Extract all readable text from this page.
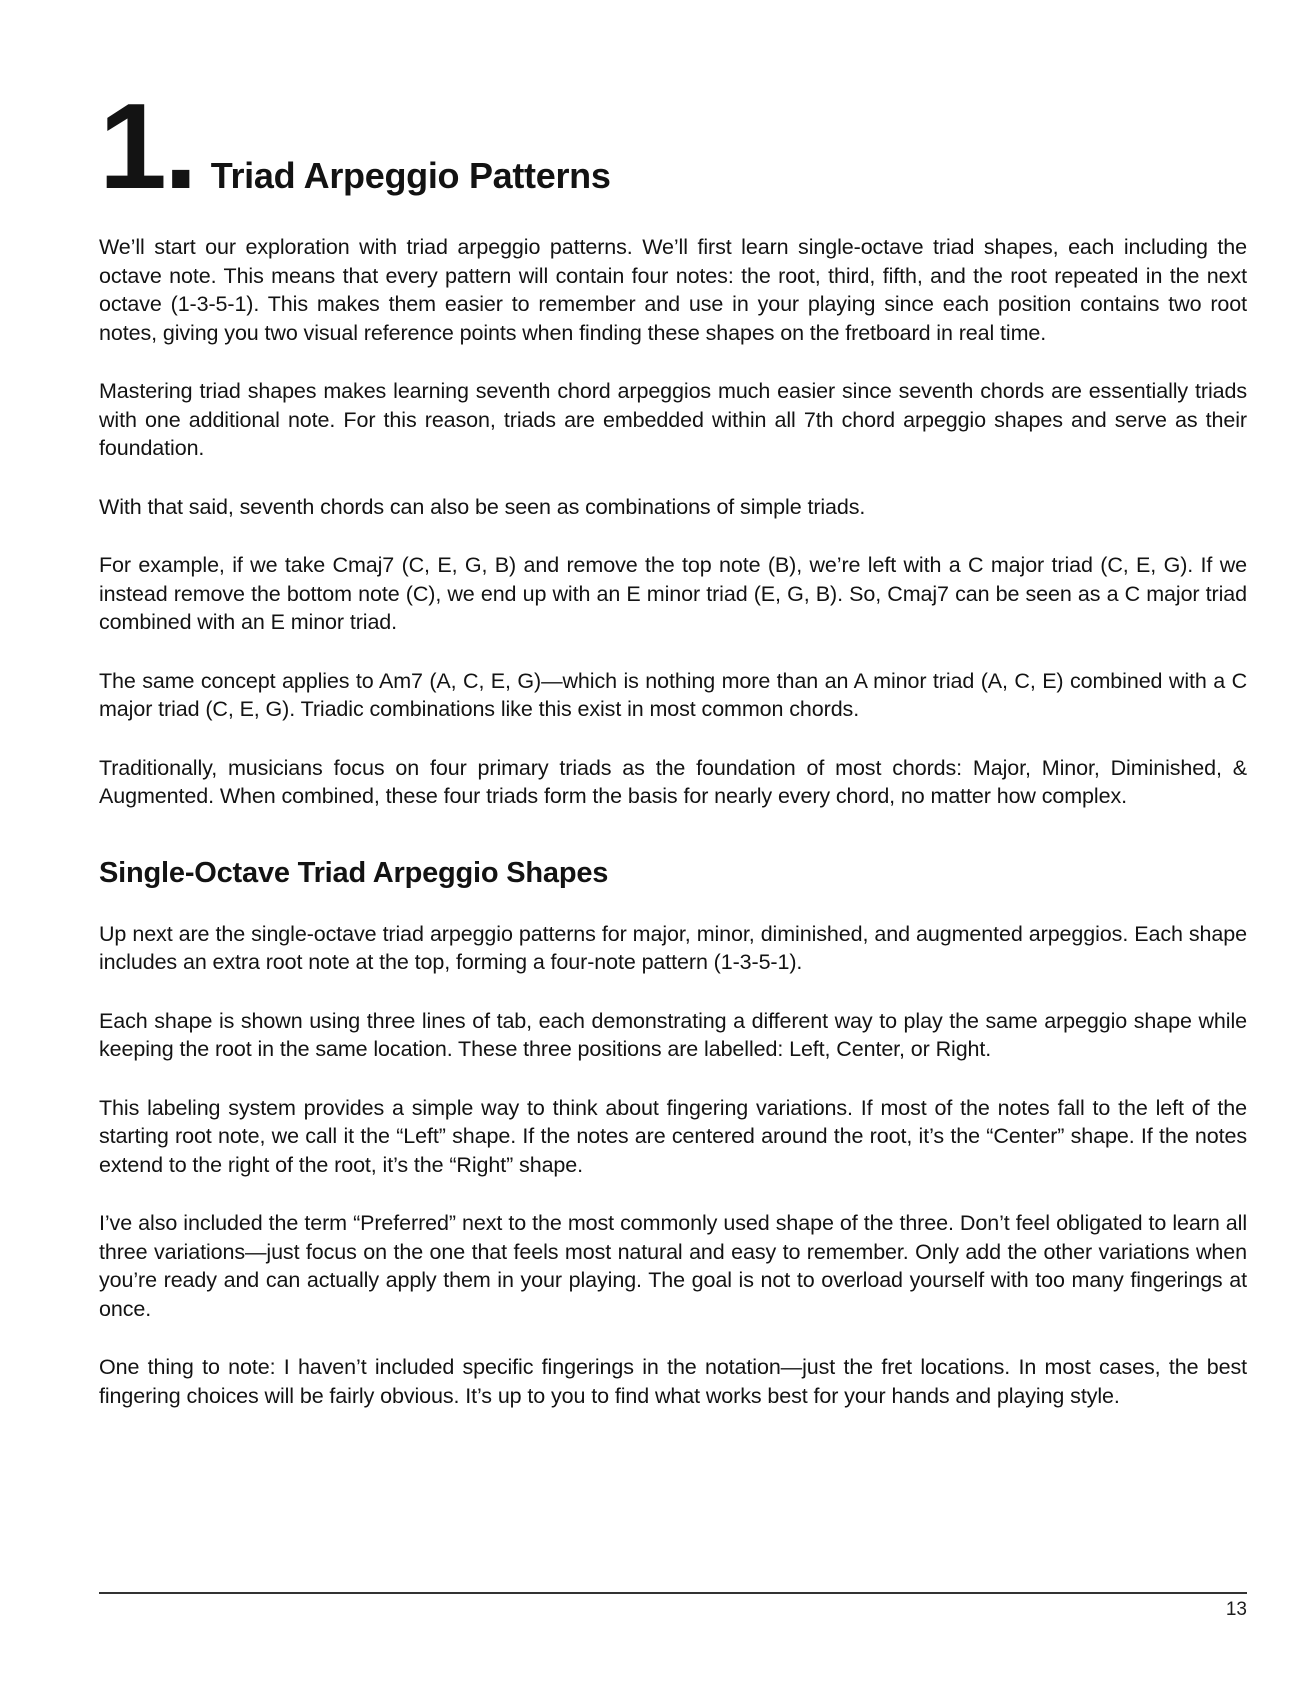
1. Triad Arpeggio Patterns

We’ll start our exploration with triad arpeggio patterns. We’ll first learn single-octave triad shapes, each including the octave note. This means that every pattern will contain four notes: the root, third, fifth, and the root repeated in the next octave (1-3-5-1). This makes them easier to remember and use in your playing since each position contains two root notes, giving you two visual reference points when finding these shapes on the fretboard in real time.

Mastering triad shapes makes learning seventh chord arpeggios much easier since seventh chords are essentially triads with one additional note. For this reason, triads are embedded within all 7th chord arpeggio shapes and serve as their foundation.

With that said, seventh chords can also be seen as combinations of simple triads.

For example, if we take Cmaj7 (C, E, G, B) and remove the top note (B), we’re left with a C major triad (C, E, G). If we instead remove the bottom note (C), we end up with an E minor triad (E, G, B). So, Cmaj7 can be seen as a C major triad combined with an E minor triad.

The same concept applies to Am7 (A, C, E, G)—which is nothing more than an A minor triad (A, C, E) combined with a C major triad (C, E, G). Triadic combinations like this exist in most common chords.

Traditionally, musicians focus on four primary triads as the foundation of most chords: Major, Minor, Diminished, & Augmented. When combined, these four triads form the basis for nearly every chord, no matter how complex.

Single-Octave Triad Arpeggio Shapes

Up next are the single-octave triad arpeggio patterns for major, minor, diminished, and augmented arpeggios. Each shape includes an extra root note at the top, forming a four-note pattern (1-3-5-1).

Each shape is shown using three lines of tab, each demonstrating a different way to play the same arpeggio shape while keeping the root in the same location. These three positions are labelled: Left, Center, or Right.

This labeling system provides a simple way to think about fingering variations. If most of the notes fall to the left of the starting root note, we call it the “Left” shape. If the notes are centered around the root, it’s the “Center” shape. If the notes extend to the right of the root, it’s the “Right” shape.

I’ve also included the term “Preferred” next to the most commonly used shape of the three. Don’t feel obligated to learn all three variations—just focus on the one that feels most natural and easy to remember. Only add the other variations when you’re ready and can actually apply them in your playing. The goal is not to overload yourself with too many fingerings at once.

One thing to note: I haven’t included specific fingerings in the notation—just the fret locations. In most cases, the best fingering choices will be fairly obvious. It’s up to you to find what works best for your hands and playing style.

13
